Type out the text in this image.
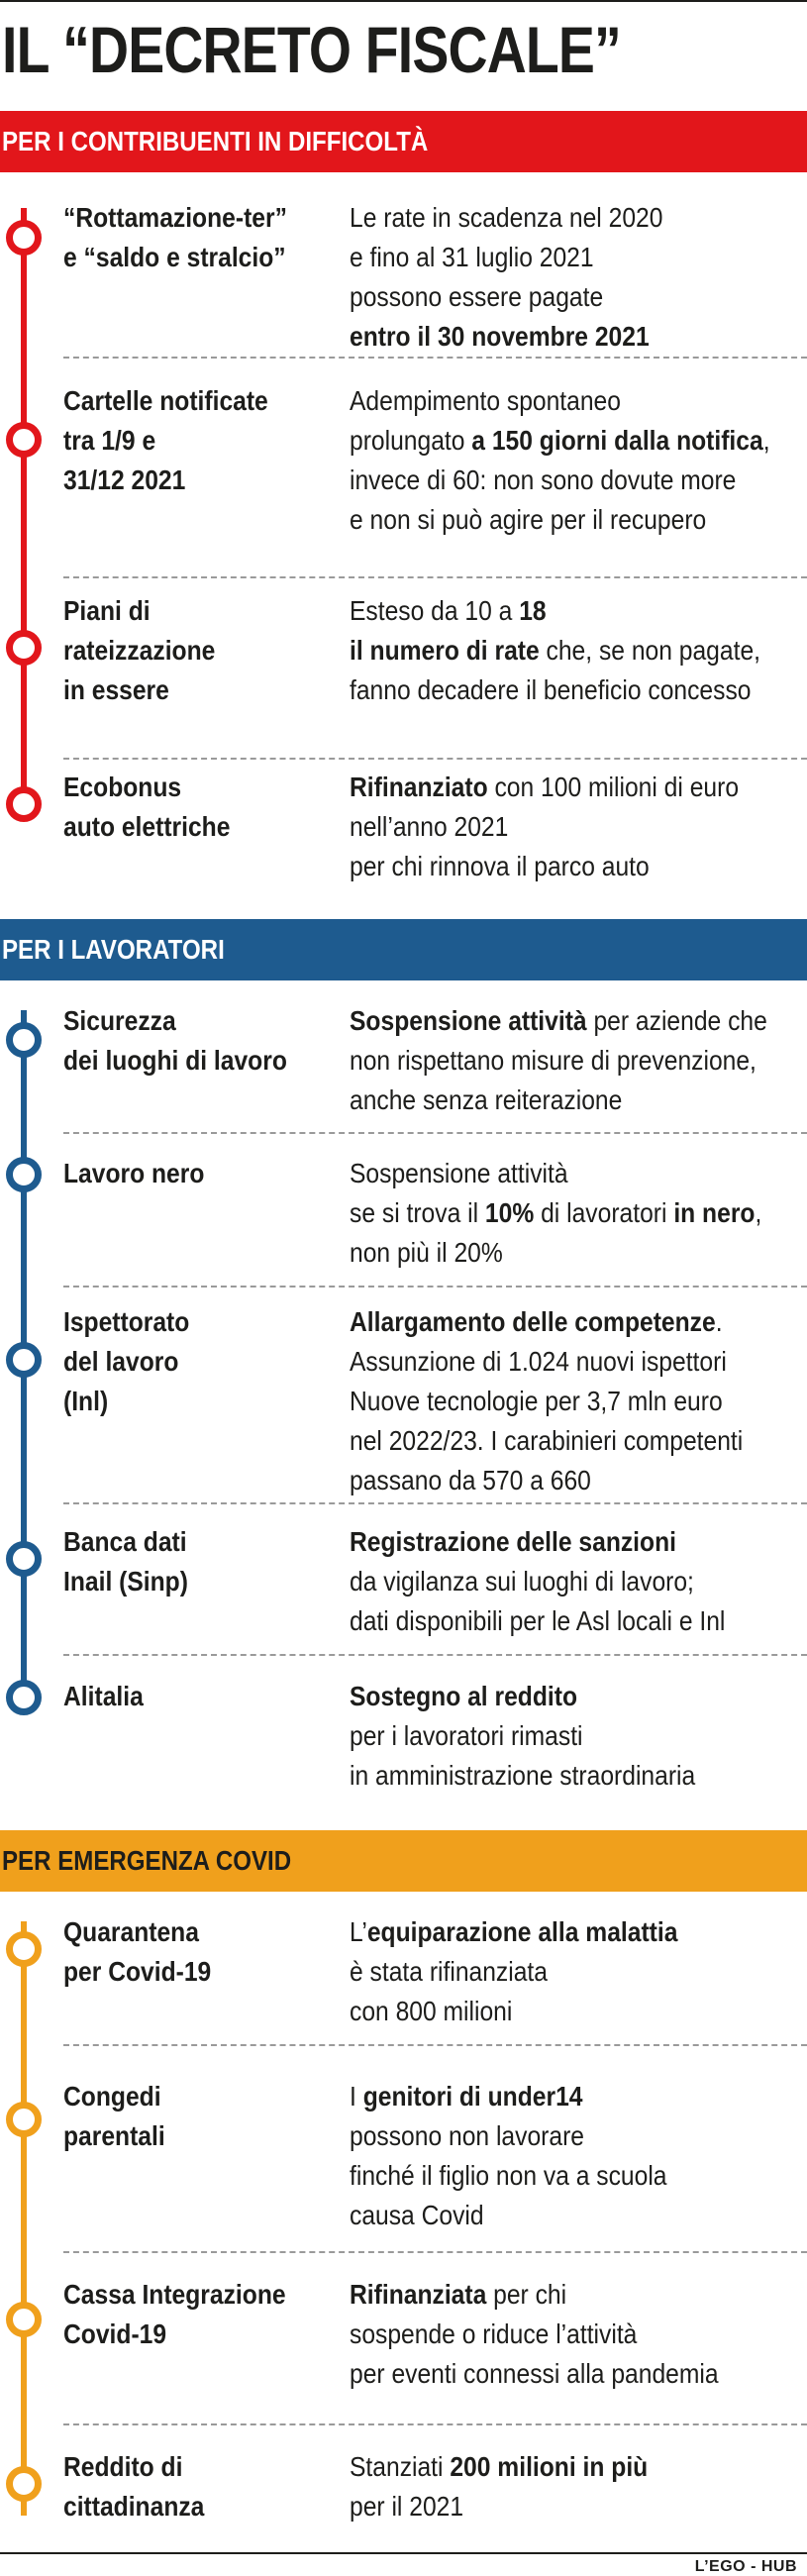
IL “DECRETO FISCALE”
PER I CONTRIBUENTI IN DIFFICOLTÀ
“Rottamazione-ter”
e “saldo e stralcio”
Le rate in scadenza nel 2020
e fino al 31 luglio 2021
possono essere pagate
entro il 30 novembre 2021
Cartelle notificate
tra 1/9 e
31/12 2021
Adempimento spontaneo
prolungato a 150 giorni dalla notifica,
invece di 60: non sono dovute more
e non si può agire per il recupero
Piani di
rateizzazione
in essere
Esteso da 10 a 18
il numero di rate che, se non pagate,
fanno decadere il beneficio concesso
Ecobonus
auto elettriche
Rifinanziato con 100 milioni di euro
nell’anno 2021
per chi rinnova il parco auto
PER I LAVORATORI
Sicurezza
dei luoghi di lavoro
Sospensione attività per aziende che
non rispettano misure di prevenzione,
anche senza reiterazione
Lavoro nero	Sospensione attività
se si trova il 10% di lavoratori in nero,
non più il 20%
Ispettorato
del lavoro
(Inl)
Allargamento delle competenze.
Assunzione di 1.024 nuovi ispettori
Nuove tecnologie per 3,7 mln euro
nel 2022/23. I carabinieri competenti
passano da 570 a 660
Banca dati
Inail (Sinp)
Registrazione delle sanzioni
da vigilanza sui luoghi di lavoro;
dati disponibili per le Asl locali e Inl
Alitalia	Sostegno al reddito
per i lavoratori rimasti
in amministrazione straordinaria
PER EMERGENZA COVID
Quarantena
per Covid-19
L’equiparazione alla malattia
è stata rifinanziata
con 800 milioni
Congedi
parentali
I genitori di under14
possono non lavorare
finché il figlio non va a scuola
causa Covid
Cassa Integrazione
Covid-19
Rifinanziata per chi
sospende o riduce l’attività
per eventi connessi alla pandemia
Reddito di
cittadinanza
Stanziati 200 milioni in più
per il 2021
L’EGO - HUB
